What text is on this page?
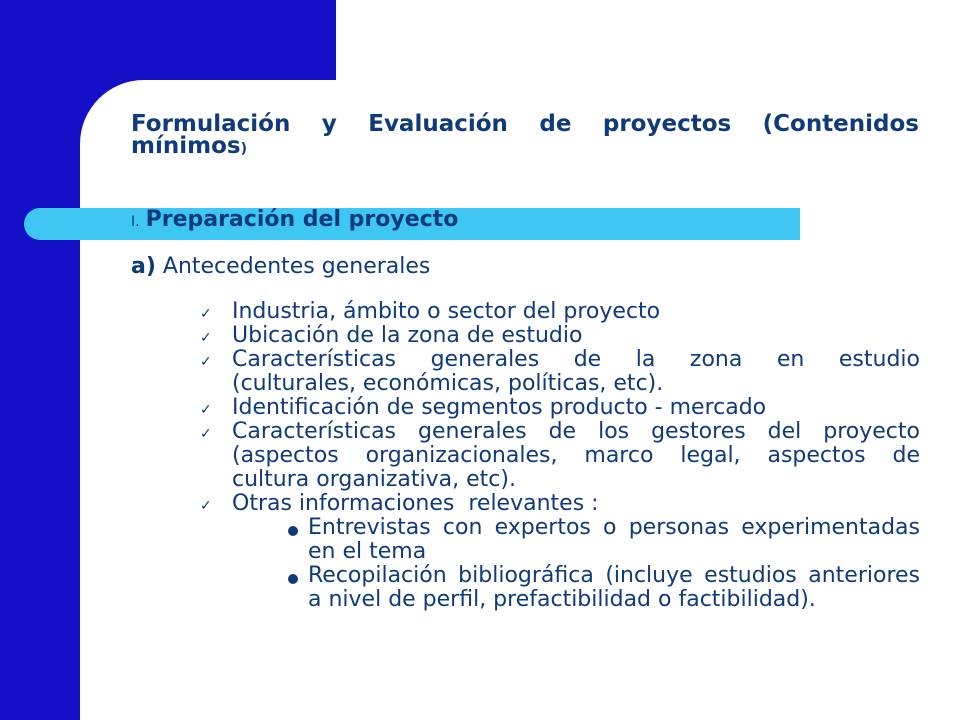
Formulación y Evaluación de proyectos (Contenidos
mínimos)
I. Preparación del proyecto
a) Antecedentes generales
✓ Industria, ámbito o sector del proyecto
✓ Ubicación de la zona de estudio
✓ Características generales de la zona en estudio
(culturales, económicas, políticas, etc).
✓ Identificación de segmentos producto - mercado
✓ Características generales de los gestores del proyecto
(aspectos organizacionales, marco legal, aspectos de
cultura organizativa, etc).
✓ Otras informaciones  relevantes :
Entrevistas con expertos o personas experimentadas
en el tema
Recopilación bibliográfica (incluye estudios anteriores
a nivel de perfil, prefactibilidad o factibilidad).
